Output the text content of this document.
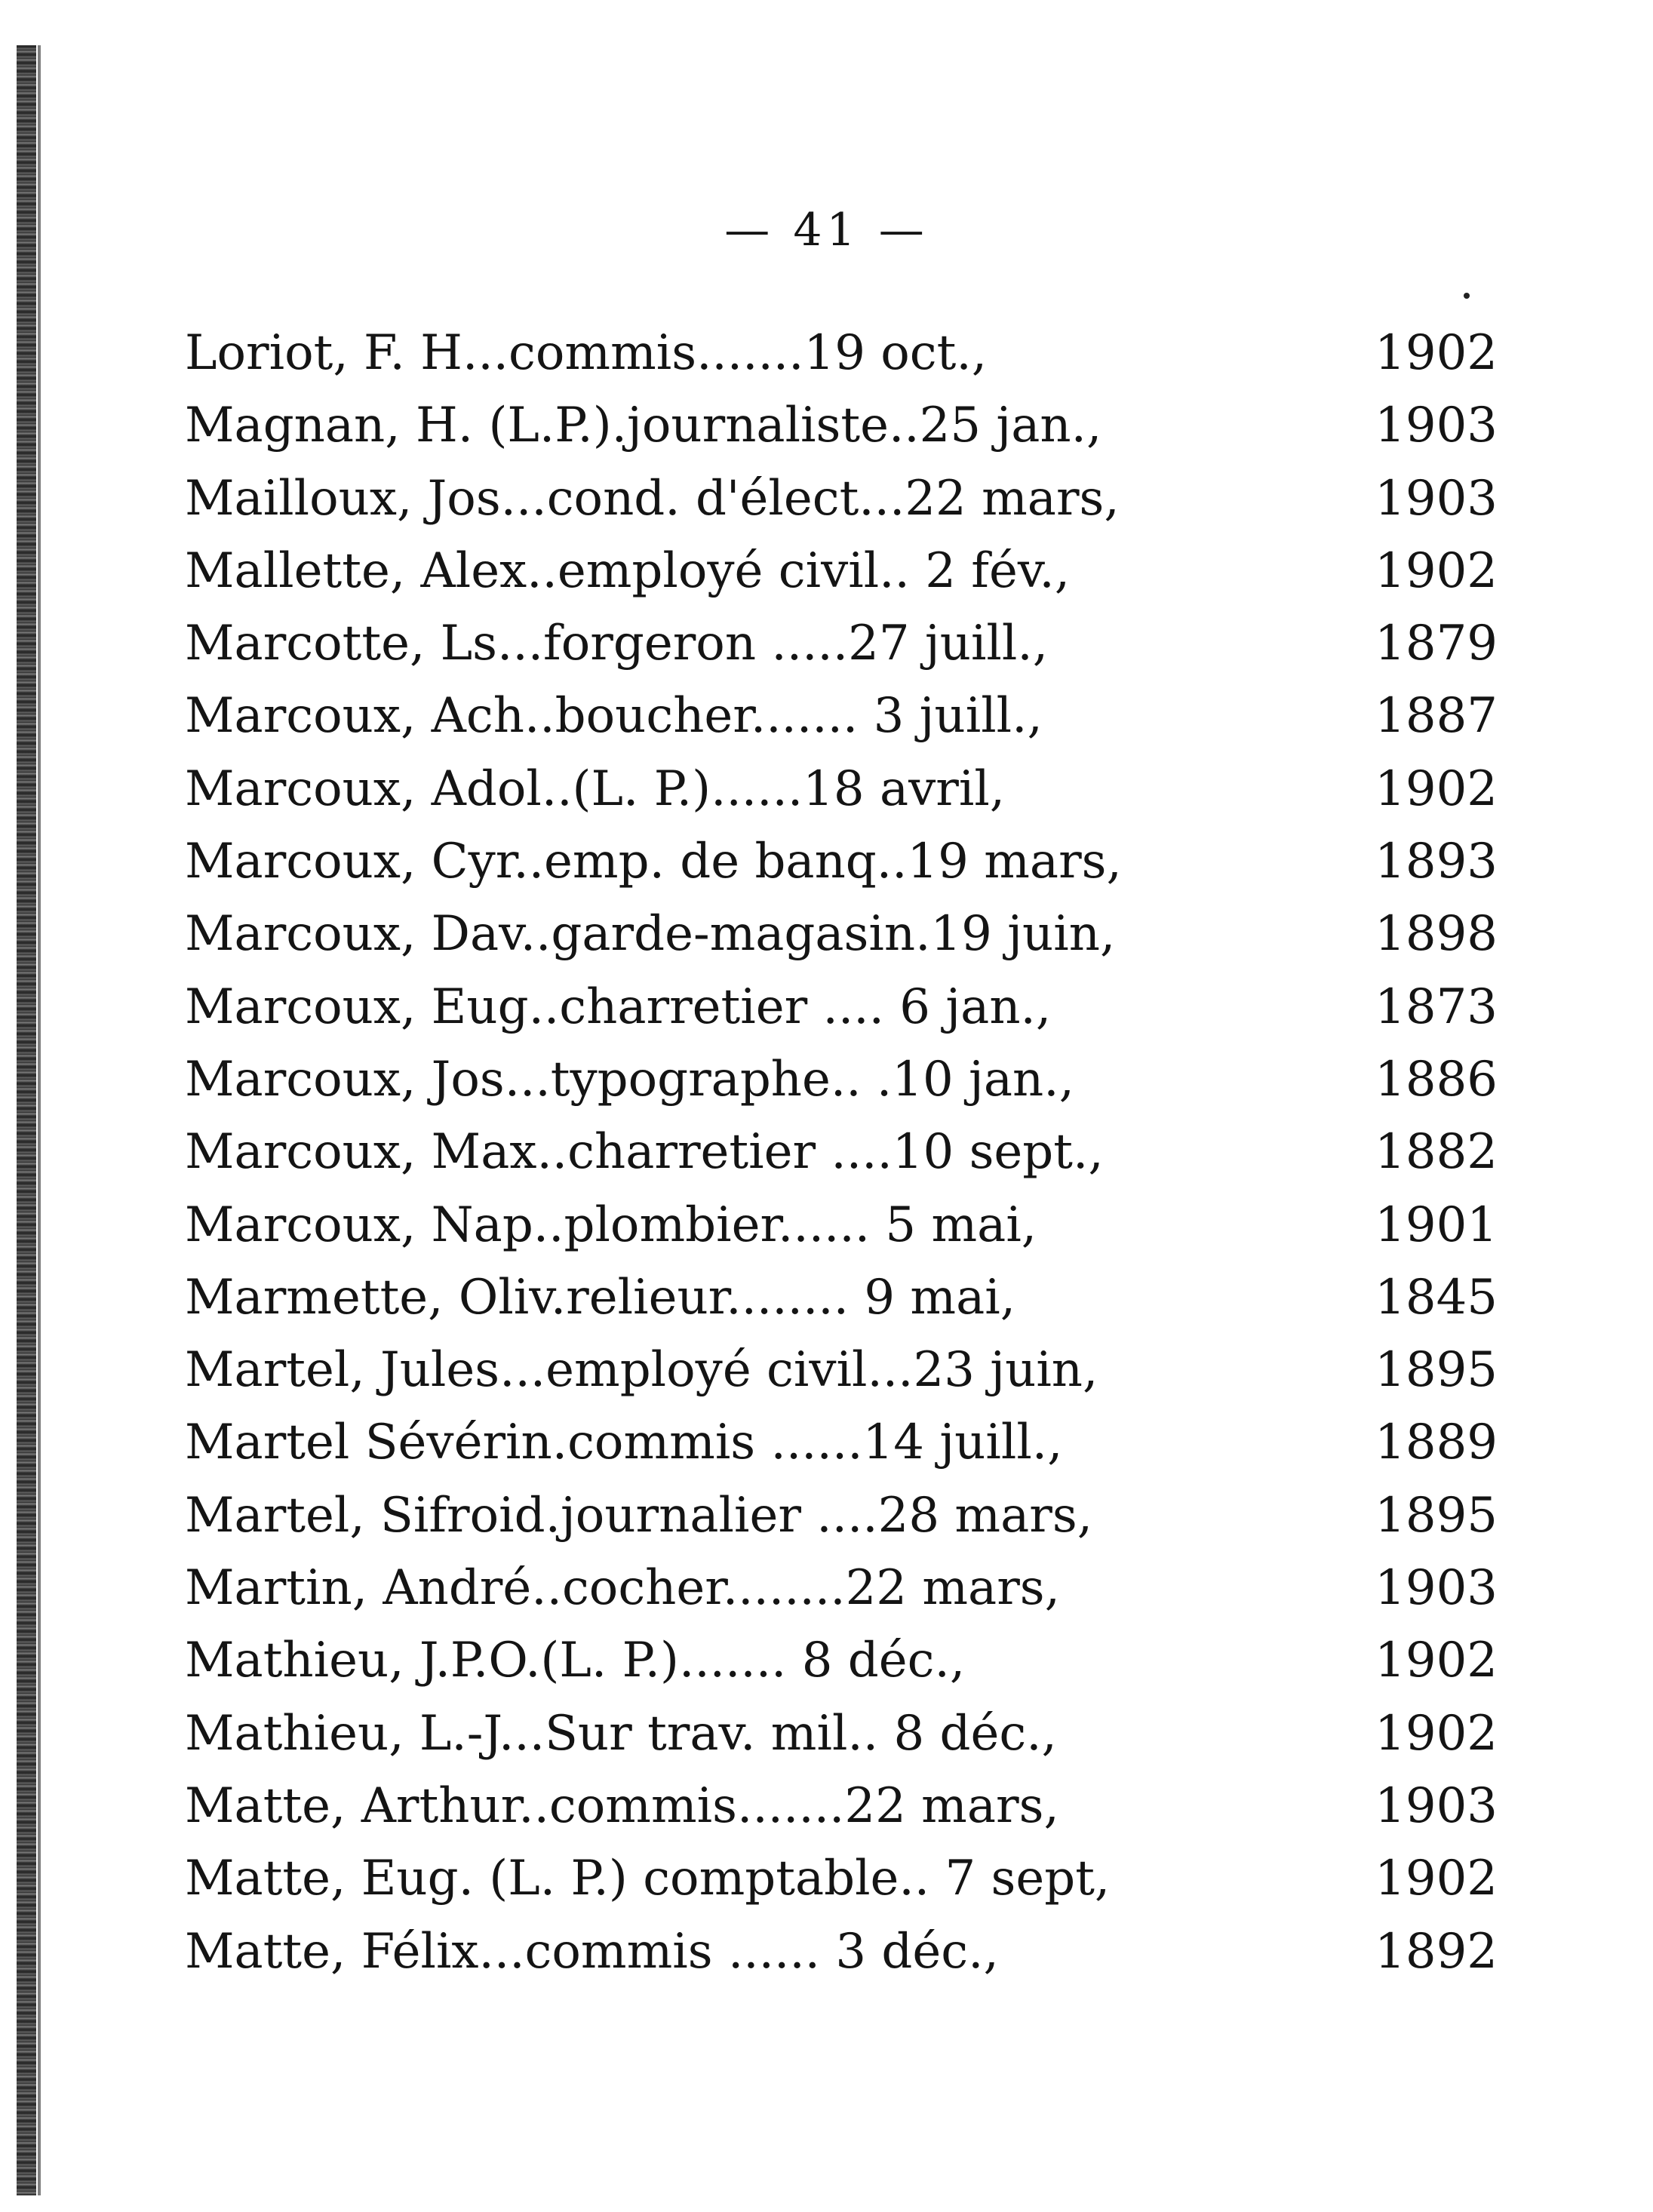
— 41 —
Loriot, F. H...commis.......19 oct.,	1902
Magnan, H. (L.P.).journaliste..25 jan.,	1903
Mailloux, Jos...cond. d'élect...22 mars,	1903
Mallette, Alex..employé civil.. 2 fév.,	1902
Marcotte, Ls...forgeron .....27 juill.,	1879
Marcoux, Ach..boucher....... 3 juill.,	1887
Marcoux, Adol..(L. P.)......18 avril,	1902
Marcoux, Cyr..emp. de banq..19 mars,	1893
Marcoux, Dav..garde-magasin.19 juin,	1898
Marcoux, Eug..charretier .... 6 jan.,	1873
Marcoux, Jos...typographe.. .10 jan.,	1886
Marcoux, Max..charretier ....10 sept.,	1882
Marcoux, Nap..plombier...... 5 mai,	1901
Marmette, Oliv.relieur........ 9 mai,	1845
Martel, Jules...employé civil...23 juin,	1895
Martel Sévérin.commis ......14 juill.,	1889
Martel, Sifroid.journalier ....28 mars,	1895
Martin, André..cocher........22 mars,	1903
Mathieu, J.P.O.(L. P.)....... 8 déc.,	1902
Mathieu, L.-J...Sur trav. mil.. 8 déc.,	1902
Matte, Arthur..commis.......22 mars,	1903
Matte, Eug. (L. P.) comptable.. 7 sept,	1902
Matte, Félix...commis ...... 3 déc.,	1892
